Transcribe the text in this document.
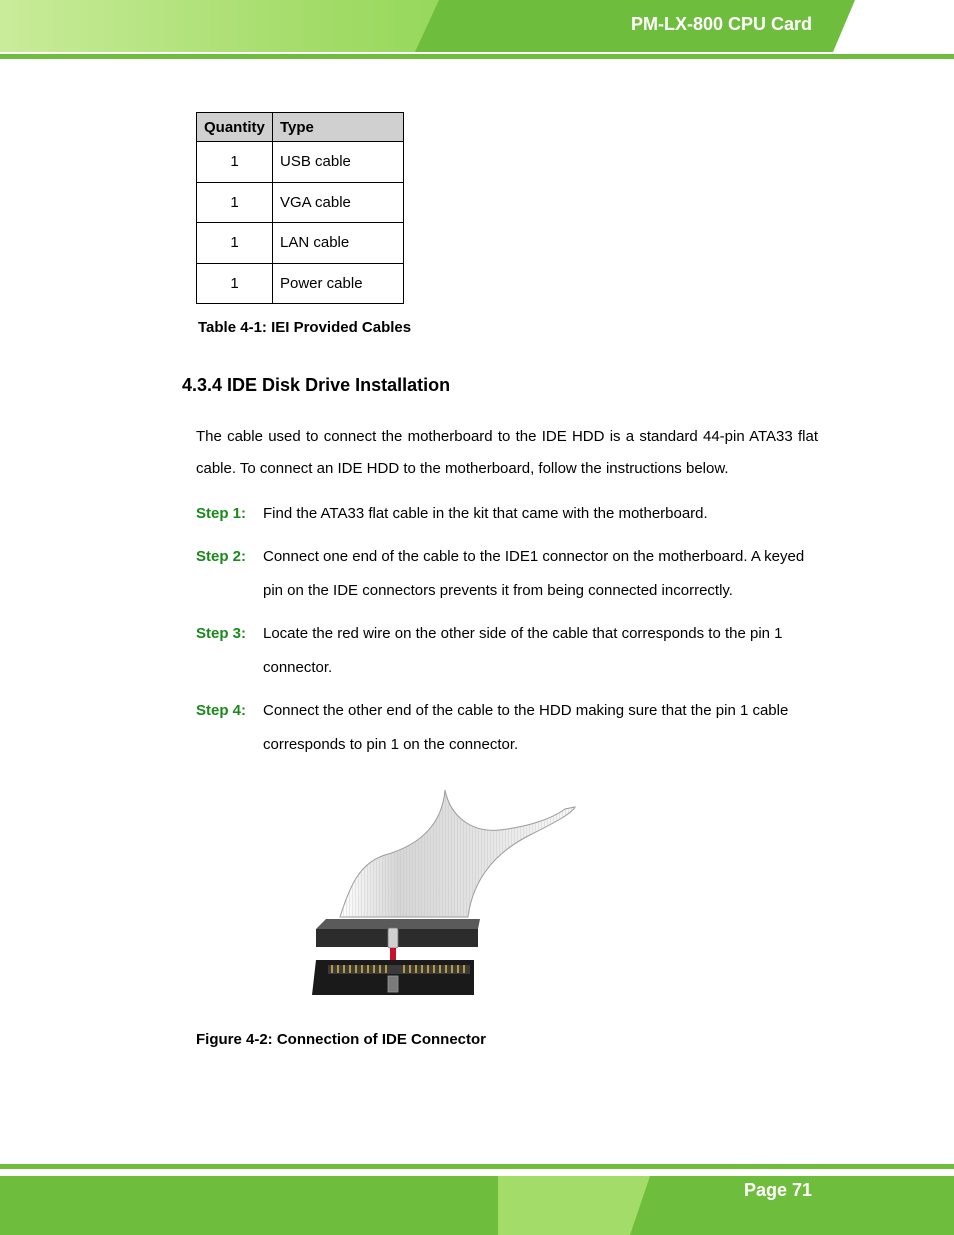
PM-LX-800 CPU Card
Quantity	Type
1	USB cable
1	VGA cable
1	LAN cable
1	Power cable
Table 4-1: IEI Provided Cables
4.3.4 IDE Disk Drive Installation
The cable used to connect the motherboard to the IDE HDD is a standard 44-pin ATA33 flat cable. To connect an IDE HDD to the motherboard, follow the instructions below.
Step 1:	Find the ATA33 flat cable in the kit that came with the motherboard.
Step 2:	Connect one end of the cable to the IDE1 connector on the motherboard. A keyed pin on the IDE connectors prevents it from being connected incorrectly.
Step 3:	Locate the red wire on the other side of the cable that corresponds to the pin 1 connector.
Step 4:	Connect the other end of the cable to the HDD making sure that the pin 1 cable corresponds to pin 1 on the connector.
Figure 4-2: Connection of IDE Connector
Page 71
